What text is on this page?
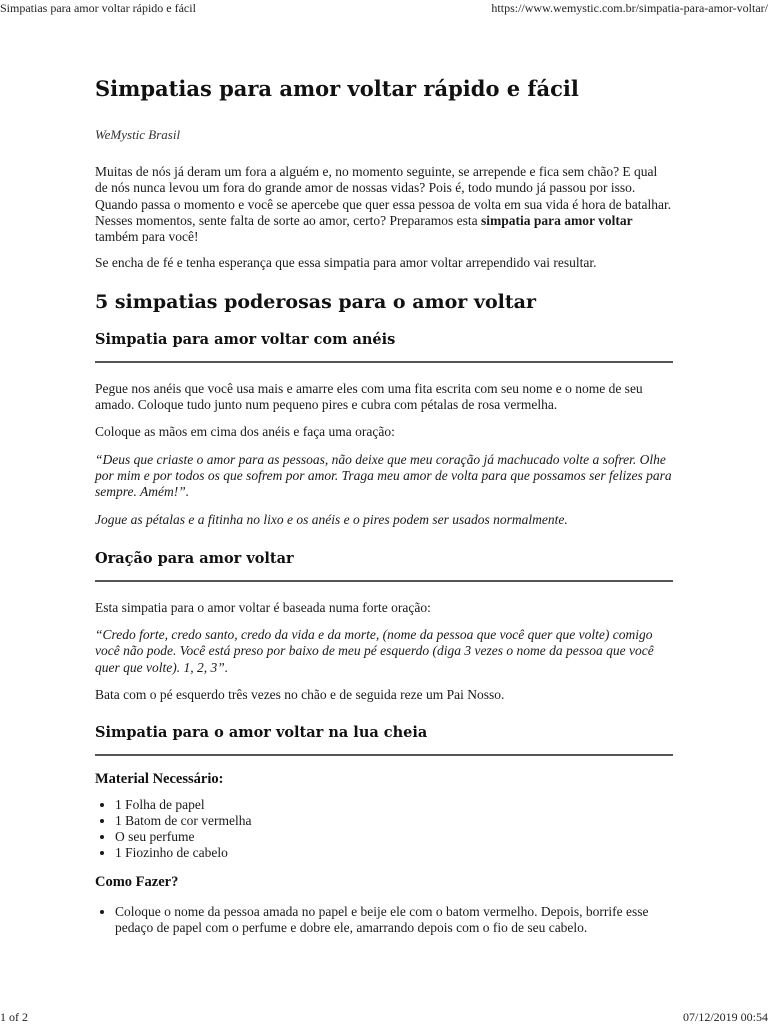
Simpatias para amor voltar rápido e fácil	https://www.wemystic.com.br/simpatia-para-amor-voltar/
Simpatias para amor voltar rápido e fácil
WeMystic Brasil

Muitas de nós já deram um fora a alguém e, no momento seguinte, se arrepende e fica sem chão? E qual de nós nunca levou um fora do grande amor de nossas vidas? Pois é, todo mundo já passou por isso. Quando passa o momento e você se apercebe que quer essa pessoa de volta em sua vida é hora de batalhar. Nesses momentos, sente falta de sorte ao amor, certo? Preparamos esta simpatia para amor voltar também para você!

Se encha de fé e tenha esperança que essa simpatia para amor voltar arrependido vai resultar.

5 simpatias poderosas para o amor voltar
Simpatia para amor voltar com anéis

Pegue nos anéis que você usa mais e amarre eles com uma fita escrita com seu nome e o nome de seu amado. Coloque tudo junto num pequeno pires e cubra com pétalas de rosa vermelha.

Coloque as mãos em cima dos anéis e faça uma oração:

“Deus que criaste o amor para as pessoas, não deixe que meu coração já machucado volte a sofrer. Olhe por mim e por todos os que sofrem por amor. Traga meu amor de volta para que possamos ser felizes para sempre. Amém!”.

Jogue as pétalas e a fitinha no lixo e os anéis e o pires podem ser usados normalmente.

Oração para amor voltar

Esta simpatia para o amor voltar é baseada numa forte oração:

“Credo forte, credo santo, credo da vida e da morte, (nome da pessoa que você quer que volte) comigo você não pode. Você está preso por baixo de meu pé esquerdo (diga 3 vezes o nome da pessoa que você quer que volte). 1, 2, 3”.

Bata com o pé esquerdo três vezes no chão e de seguida reze um Pai Nosso.

Simpatia para o amor voltar na lua cheia
Material Necessário:
• 1 Folha de papel
• 1 Batom de cor vermelha
• O seu perfume
• 1 Fiozinho de cabelo
Como Fazer?
• Coloque o nome da pessoa amada no papel e beije ele com o batom vermelho. Depois, borrife esse pedaço de papel com o perfume e dobre ele, amarrando depois com o fio de seu cabelo.
1 of 2	07/12/2019 00:54
